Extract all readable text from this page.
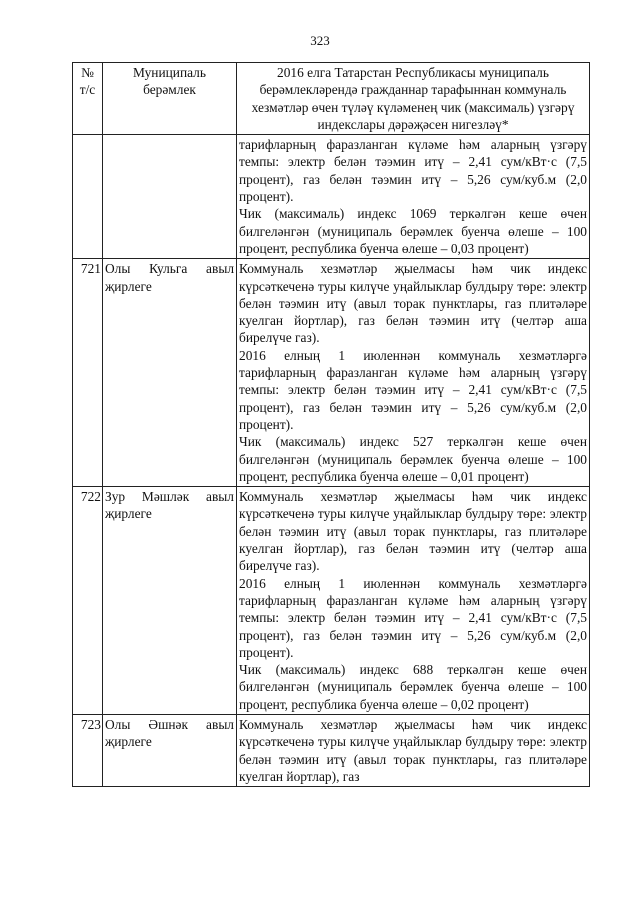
323
№ т/с	Муниципаль берәмлек	2016 елга Татарстан Республикасы муниципаль берәмлекләрендә гражданнар тарафыннан коммуналь хезмәтләр өчен түләү күләменең чик (максималь) үзгәрү индекслары дәрәҗәсен нигезләү*

		тарифларның фаразланган күләме һәм аларның үзгәрү темпы: электр белән тәэмин итү – 2,41 сум/кВт·с (7,5 процент), газ белән тәэмин итү – 5,26 сум/куб.м (2,0 процент).

Чик (максималь) индекс 1069 теркәлгән кеше өчен билгеләнгән (муниципаль берәмлек буенча өлеше – 100 процент, республика буенча өлеше – 0,03 процент)

721	Олы Кульга авыл җирлеге	Коммуналь хезмәтләр җыелмасы һәм чик индекс күрсәткеченә туры килүче уңайлыклар булдыру төре: электр белән тәэмин итү (авыл торак пунктлары, газ плитәләре куелган йортлар), газ белән тәэмин итү (челтәр аша бирелүче газ).

2016 елның 1 июленнән коммуналь хезмәтләргә тарифларның фаразланган күләме һәм аларның үзгәрү темпы: электр белән тәэмин итү – 2,41 сум/кВт·с (7,5 процент), газ белән тәэмин итү – 5,26 сум/куб.м (2,0 процент).

Чик (максималь) индекс 527 теркәлгән кеше өчен билгеләнгән (муниципаль берәмлек буенча өлеше – 100 процент, республика буенча өлеше – 0,01 процент)

722	Зур Мәшләк авыл җирлеге	Коммуналь хезмәтләр җыелмасы һәм чик индекс күрсәткеченә туры килүче уңайлыклар булдыру төре: электр белән тәэмин итү (авыл торак пунктлары, газ плитәләре куелган йортлар), газ белән тәэмин итү (челтәр аша бирелүче газ).

2016 елның 1 июленнән коммуналь хезмәтләргә тарифларның фаразланган күләме һәм аларның үзгәрү темпы: электр белән тәэмин итү – 2,41 сум/кВт·с (7,5 процент), газ белән тәэмин итү – 5,26 сум/куб.м (2,0 процент).

Чик (максималь) индекс 688 теркәлгән кеше өчен билгеләнгән (муниципаль берәмлек буенча өлеше – 100 процент, республика буенча өлеше – 0,02 процент)

723	Олы Әшнәк авыл җирлеге	Коммуналь хезмәтләр җыелмасы һәм чик индекс күрсәткеченә туры килүче уңайлыклар булдыру төре: электр белән тәэмин итү (авыл торак пунктлары, газ плитәләре куелган йортлар), газ
